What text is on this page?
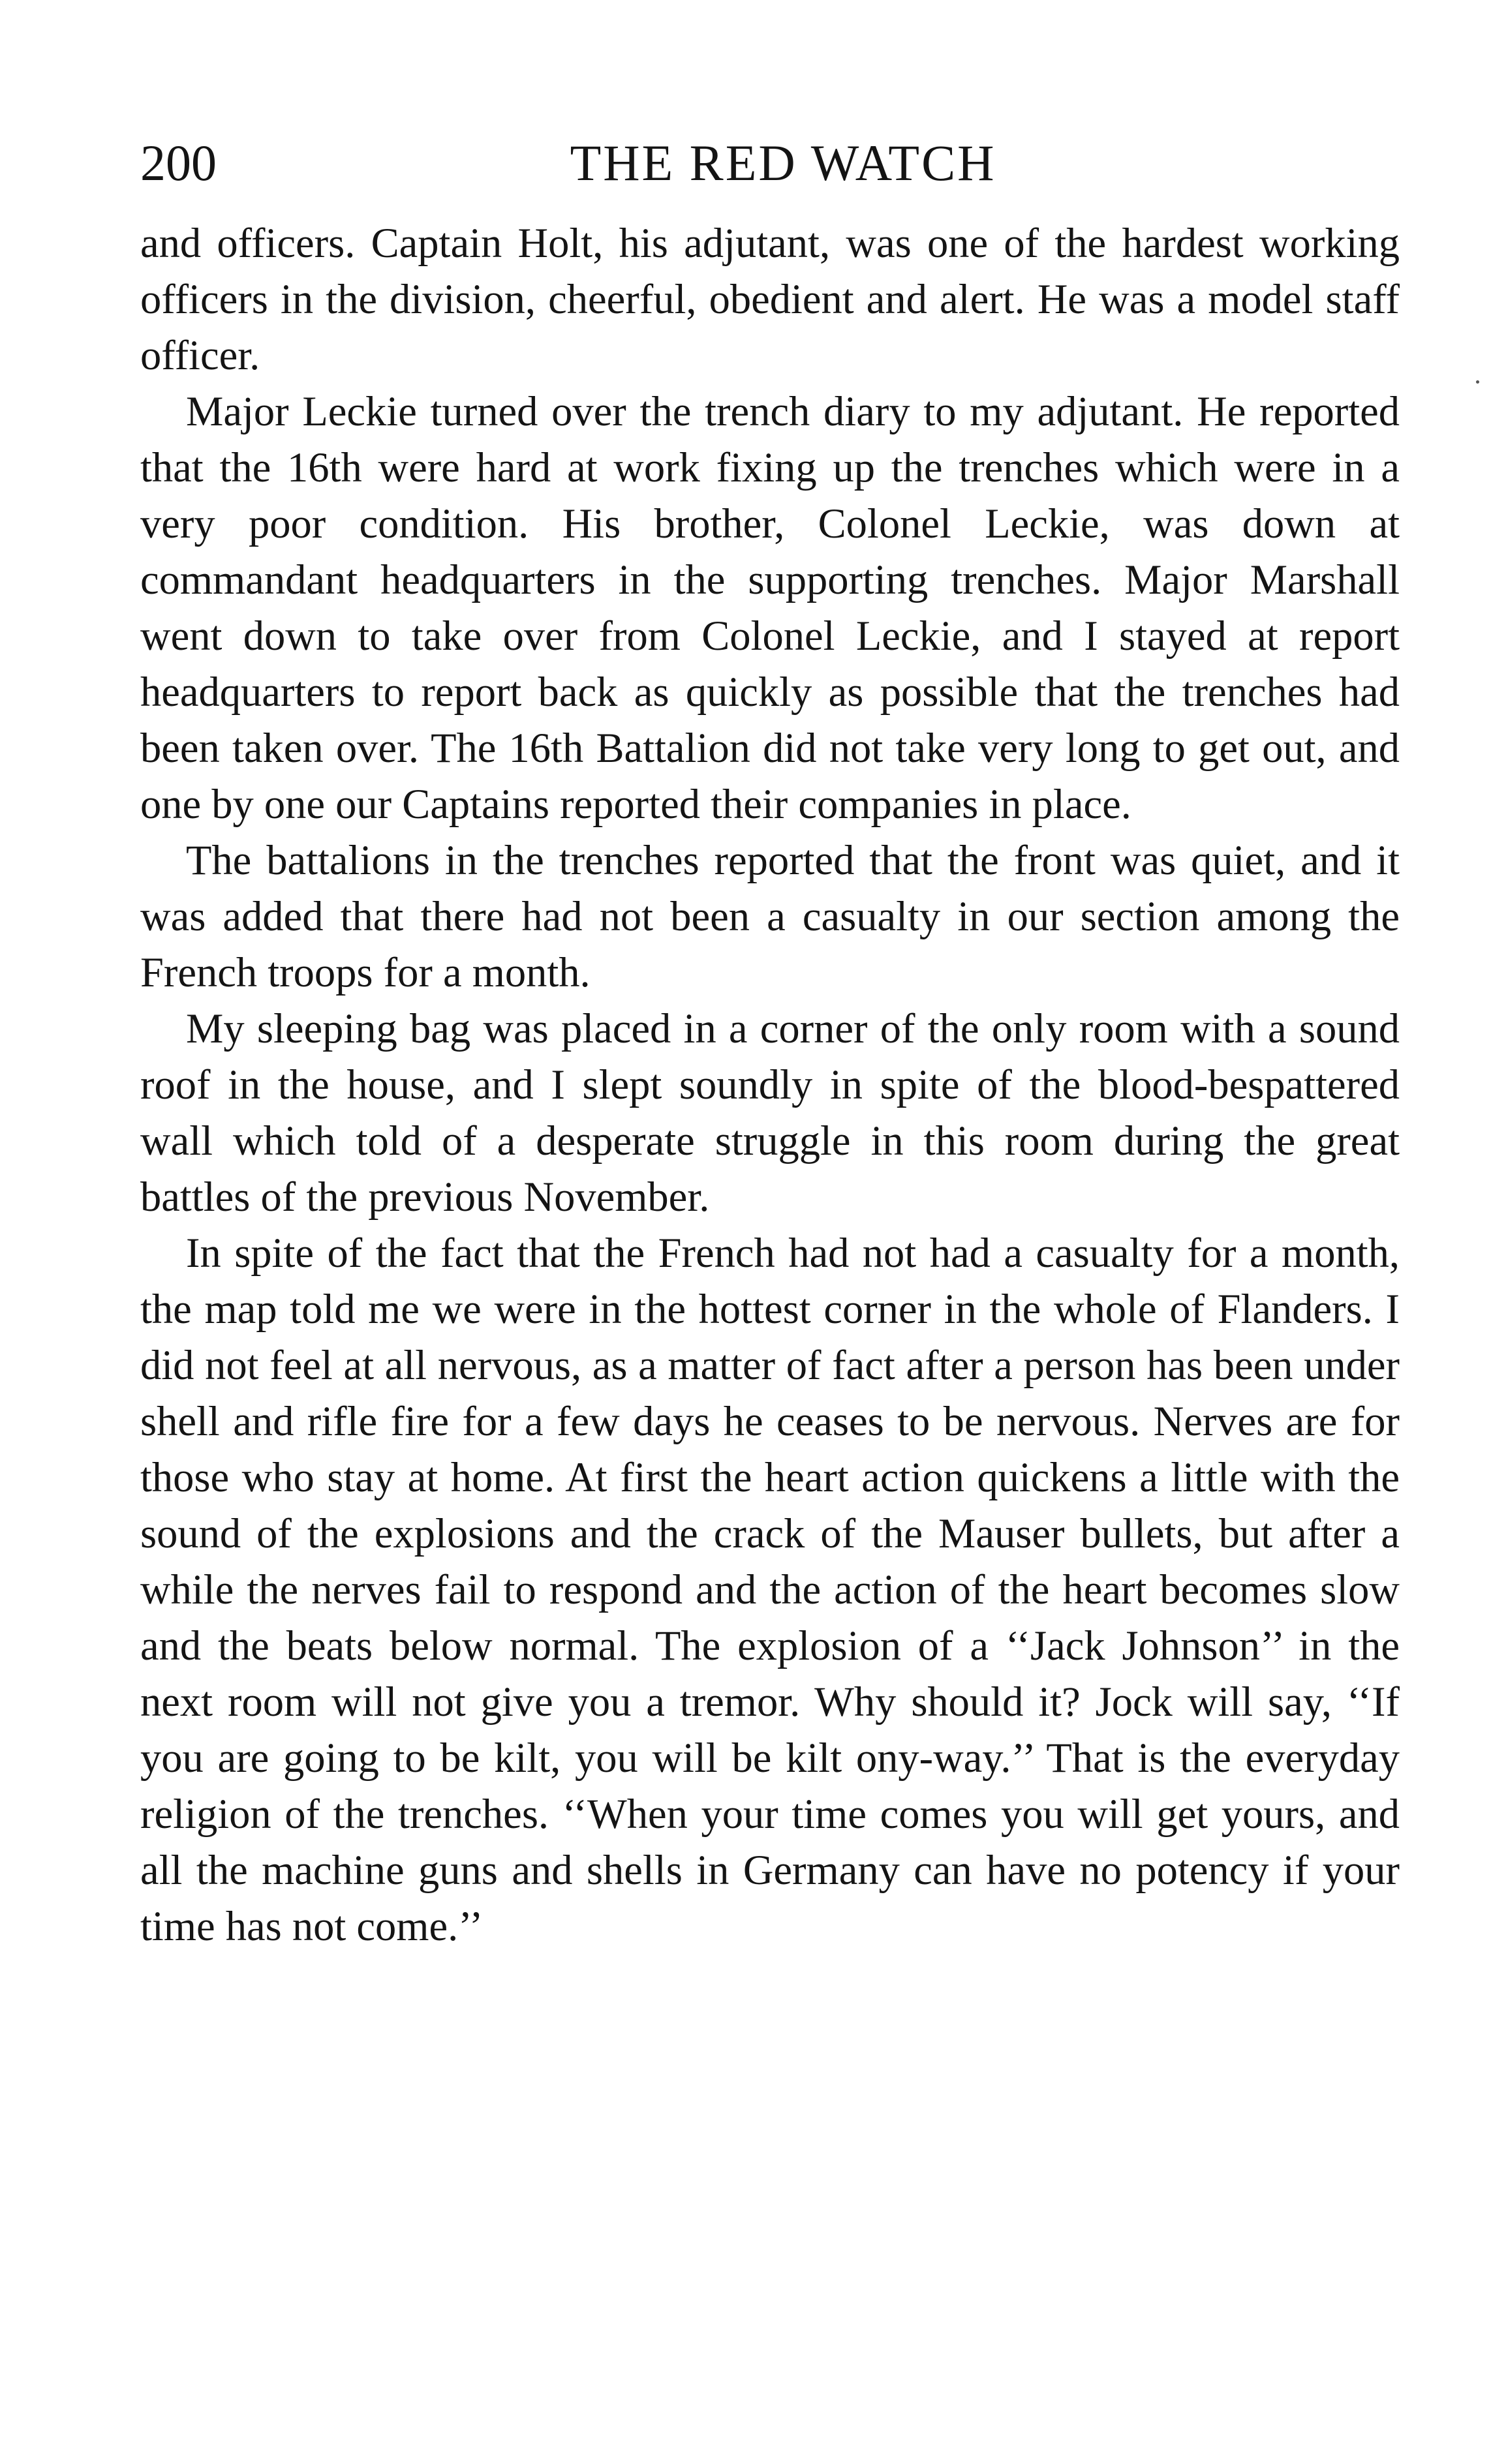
200	THE RED WATCH

and officers. Captain Holt, his adjutant, was one of the hardest working officers in the division, cheerful, obedient and alert. He was a model staff officer.

Major Leckie turned over the trench diary to my adjutant. He reported that the 16th were hard at work fixing up the trenches which were in a very poor condition. His brother, Colonel Leckie, was down at commandant headquarters in the supporting trenches. Major Marshall went down to take over from Colonel Leckie, and I stayed at report headquarters to report back as quickly as possible that the trenches had been taken over. The 16th Battalion did not take very long to get out, and one by one our Captains reported their companies in place.

The battalions in the trenches reported that the front was quiet, and it was added that there had not been a casualty in our section among the French troops for a month.

My sleeping bag was placed in a corner of the only room with a sound roof in the house, and I slept soundly in spite of the blood-bespattered wall which told of a desperate struggle in this room during the great battles of the previous November.

In spite of the fact that the French had not had a casualty for a month, the map told me we were in the hottest corner in the whole of Flanders. I did not feel at all nervous, as a matter of fact after a person has been under shell and rifle fire for a few days he ceases to be nervous. Nerves are for those who stay at home. At first the heart action quickens a little with the sound of the explosions and the crack of the Mauser bullets, but after a while the nerves fail to respond and the action of the heart becomes slow and the beats below normal. The explosion of a ‘‘Jack Johnson’’ in the next room will not give you a tremor. Why should it? Jock will say, ‘‘If you are going to be kilt, you will be kilt ony-way.’’ That is the everyday religion of the trenches. ‘‘When your time comes you will get yours, and all the machine guns and shells in Germany can have no potency if your time has not come.’’
